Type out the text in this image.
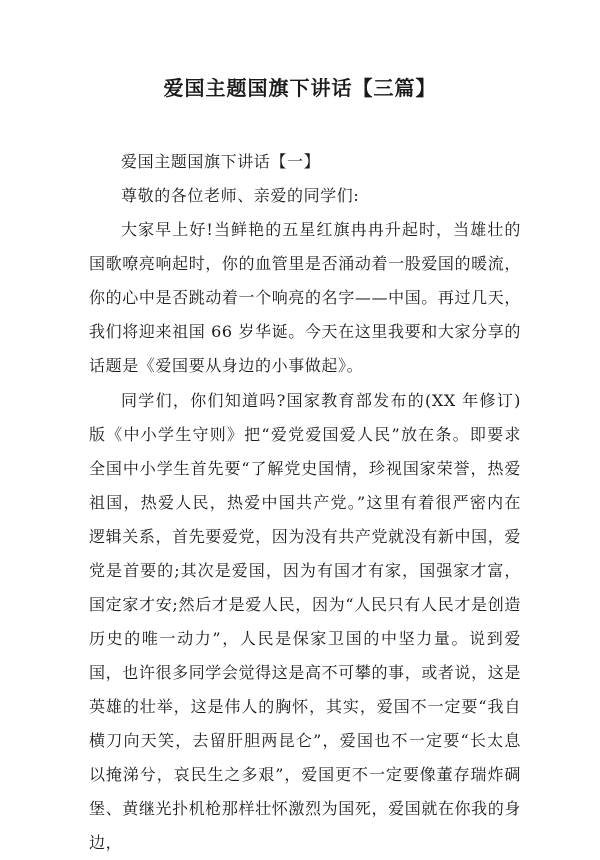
爱国主题国旗下讲话【三篇】

爱国主题国旗下讲话【一】

尊敬的各位老师、亲爱的同学们:

大家早上好!当鲜艳的五星红旗冉冉升起时，当雄壮的国歌嘹亮响起时，你的血管里是否涌动着一股爱国的暖流，你的心中是否跳动着一个响亮的名字——中国。再过几天，我们将迎来祖国 66 岁华诞。今天在这里我要和大家分享的话题是《爱国要从身边的小事做起》。

同学们，你们知道吗?国家教育部发布的(XX 年修订)版《中小学生守则》把“爱党爱国爱人民”放在条。即要求全国中小学生首先要“了解党史国情，珍视国家荣誉，热爱祖国，热爱人民，热爱中国共产党。”这里有着很严密内在逻辑关系，首先要爱党，因为没有共产党就没有新中国，爱党是首要的;其次是爱国，因为有国才有家，国强家才富，国定家才安;然后才是爱人民，因为“人民只有人民才是创造历史的唯一动力”，人民是保家卫国的中坚力量。说到爱国，也许很多同学会觉得这是高不可攀的事，或者说，这是英雄的壮举，这是伟人的胸怀，其实，爱国不一定要“我自横刀向天笑，去留肝胆两昆仑”，爱国也不一定要“长太息以掩涕兮，哀民生之多艰”，爱国更不一定要像董存瑞炸碉堡、黄继光扑机枪那样壮怀激烈为国死，爱国就在你我的身边，
